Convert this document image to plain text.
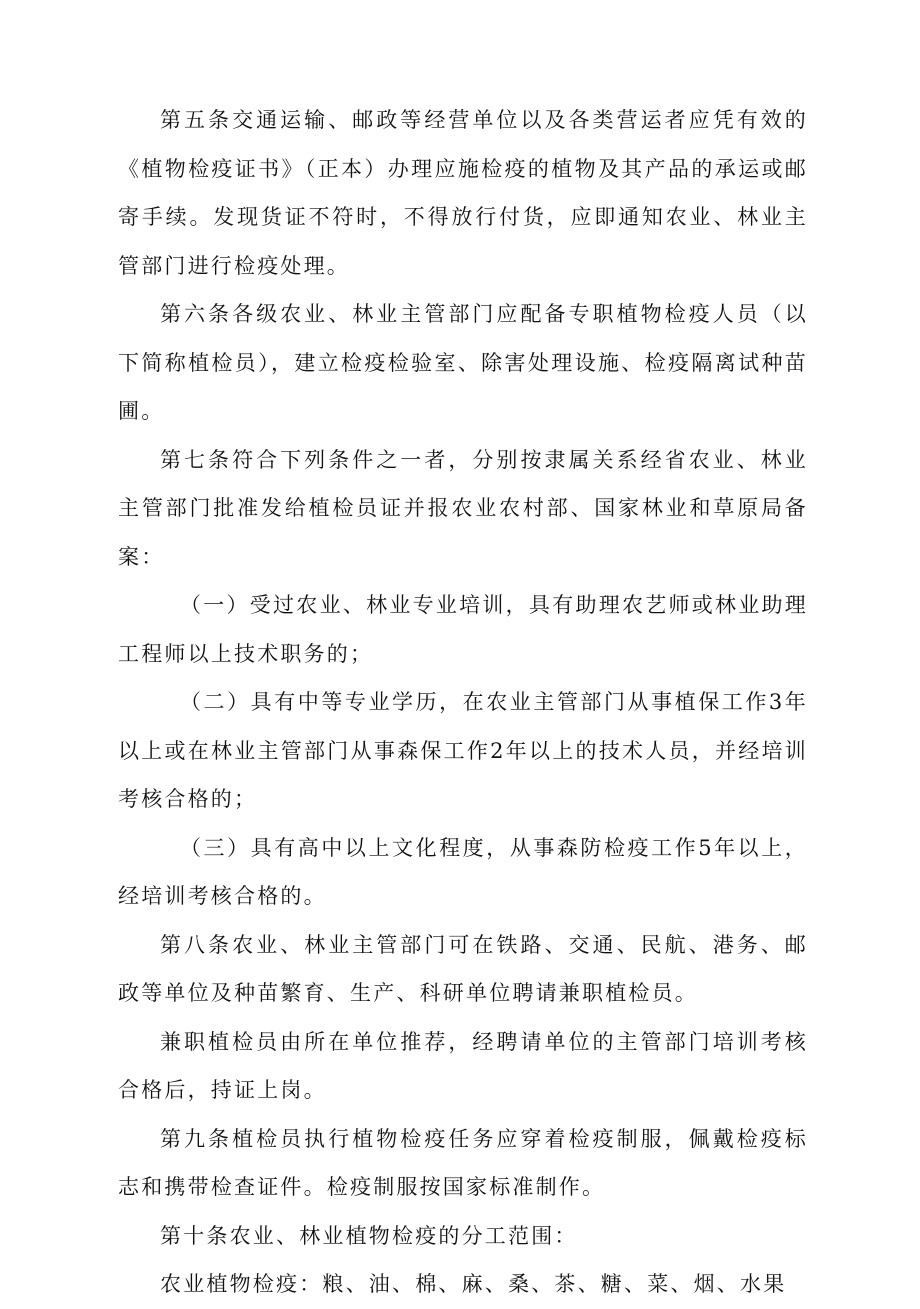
第五条交通运输、邮政等经营单位以及各类营运者应凭有效的《植物检疫证书》（正本）办理应施检疫的植物及其产品的承运或邮寄手续。发现货证不符时，不得放行付货，应即通知农业、林业主管部门进行检疫处理。

第六条各级农业、林业主管部门应配备专职植物检疫人员（以下简称植检员），建立检疫检验室、除害处理设施、检疫隔离试种苗圃。

第七条符合下列条件之一者，分别按隶属关系经省农业、林业主管部门批准发给植检员证并报农业农村部、国家林业和草原局备案：

（一）受过农业、林业专业培训，具有助理农艺师或林业助理工程师以上技术职务的；

（二）具有中等专业学历，在农业主管部门从事植保工作3年以上或在林业主管部门从事森保工作2年以上的技术人员，并经培训考核合格的；

（三）具有高中以上文化程度，从事森防检疫工作5年以上，经培训考核合格的。

第八条农业、林业主管部门可在铁路、交通、民航、港务、邮政等单位及种苗繁育、生产、科研单位聘请兼职植检员。

兼职植检员由所在单位推荐，经聘请单位的主管部门培训考核合格后，持证上岗。

第九条植检员执行植物检疫任务应穿着检疫制服，佩戴检疫标志和携带检查证件。检疫制服按国家标准制作。

第十条农业、林业植物检疫的分工范围：

农业植物检疫：粮、油、棉、麻、桑、茶、糖、菜、烟、水果
